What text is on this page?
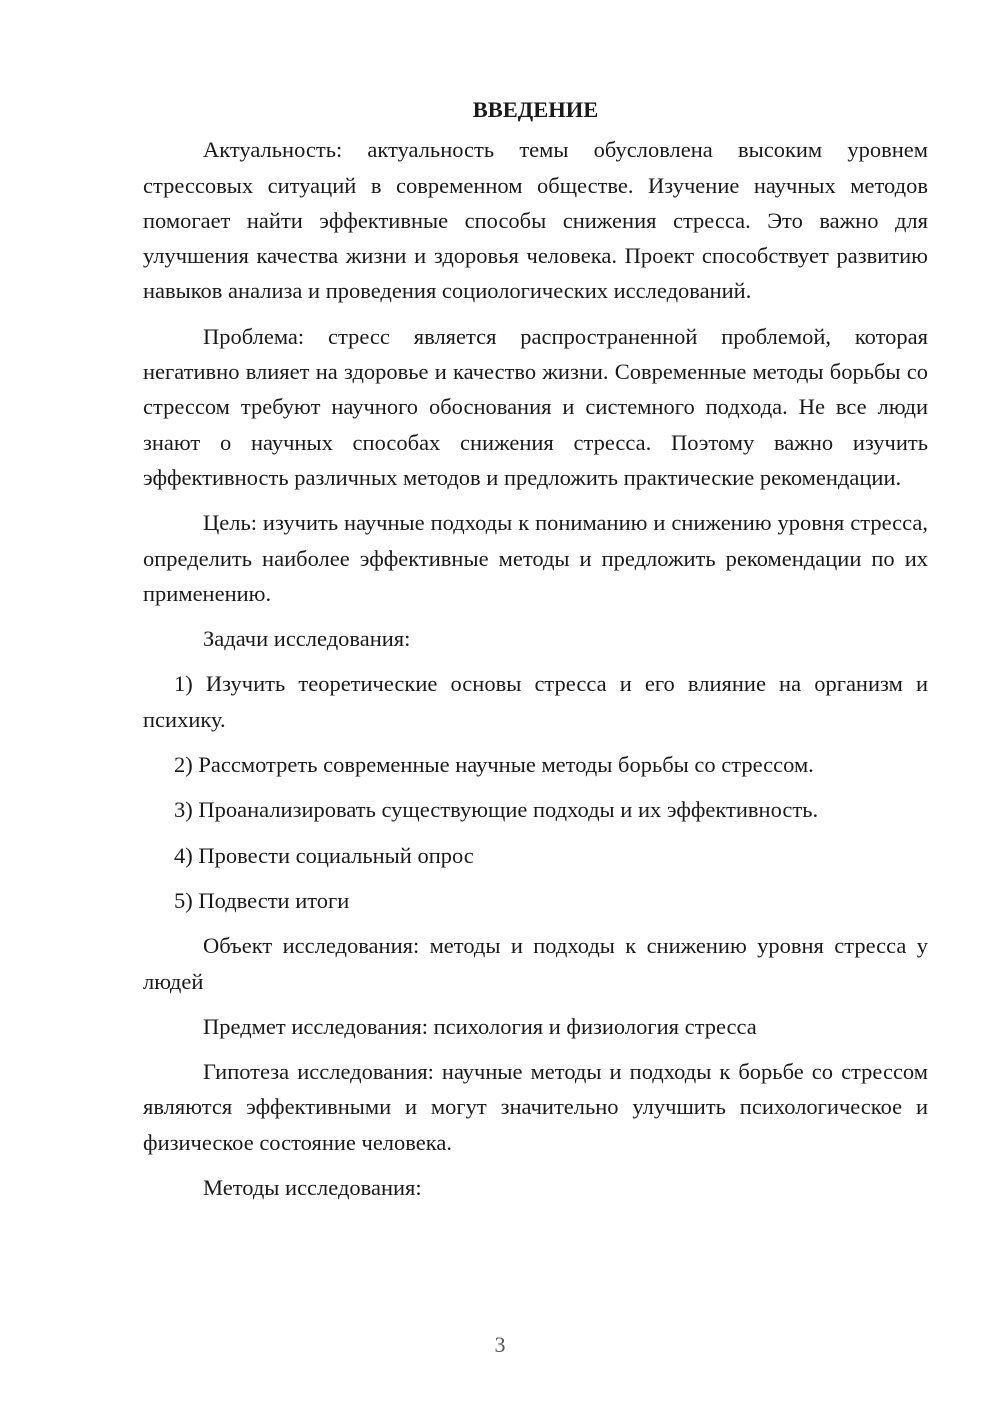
ВВЕДЕНИЕ

Актуальность: актуальность темы обусловлена высоким уровнем стрессовых ситуаций в современном обществе. Изучение научных методов помогает найти эффективные способы снижения стресса. Это важно для улучшения качества жизни и здоровья человека. Проект способствует развитию навыков анализа и проведения социологических исследований.

Проблема: стресс является распространенной проблемой, которая негативно влияет на здоровье и качество жизни. Современные методы борьбы со стрессом требуют научного обоснования и системного подхода. Не все люди знают о научных способах снижения стресса. Поэтому важно изучить эффективность различных методов и предложить практические рекомендации.

Цель: изучить научные подходы к пониманию и снижению уровня стресса, определить наиболее эффективные методы и предложить рекомендации по их применению.

Задачи исследования:

1) Изучить теоретические основы стресса и его влияние на организм и психику.

2) Рассмотреть современные научные методы борьбы со стрессом.

3) Проанализировать существующие подходы и их эффективность.

4) Провести социальный опрос

5) Подвести итоги

Объект исследования: методы и подходы к снижению уровня стресса у людей

Предмет исследования: психология и физиология стресса

Гипотеза исследования: научные методы и подходы к борьбе со стрессом являются эффективными и могут значительно улучшить психологическое и физическое состояние человека.

Методы исследования:

3
